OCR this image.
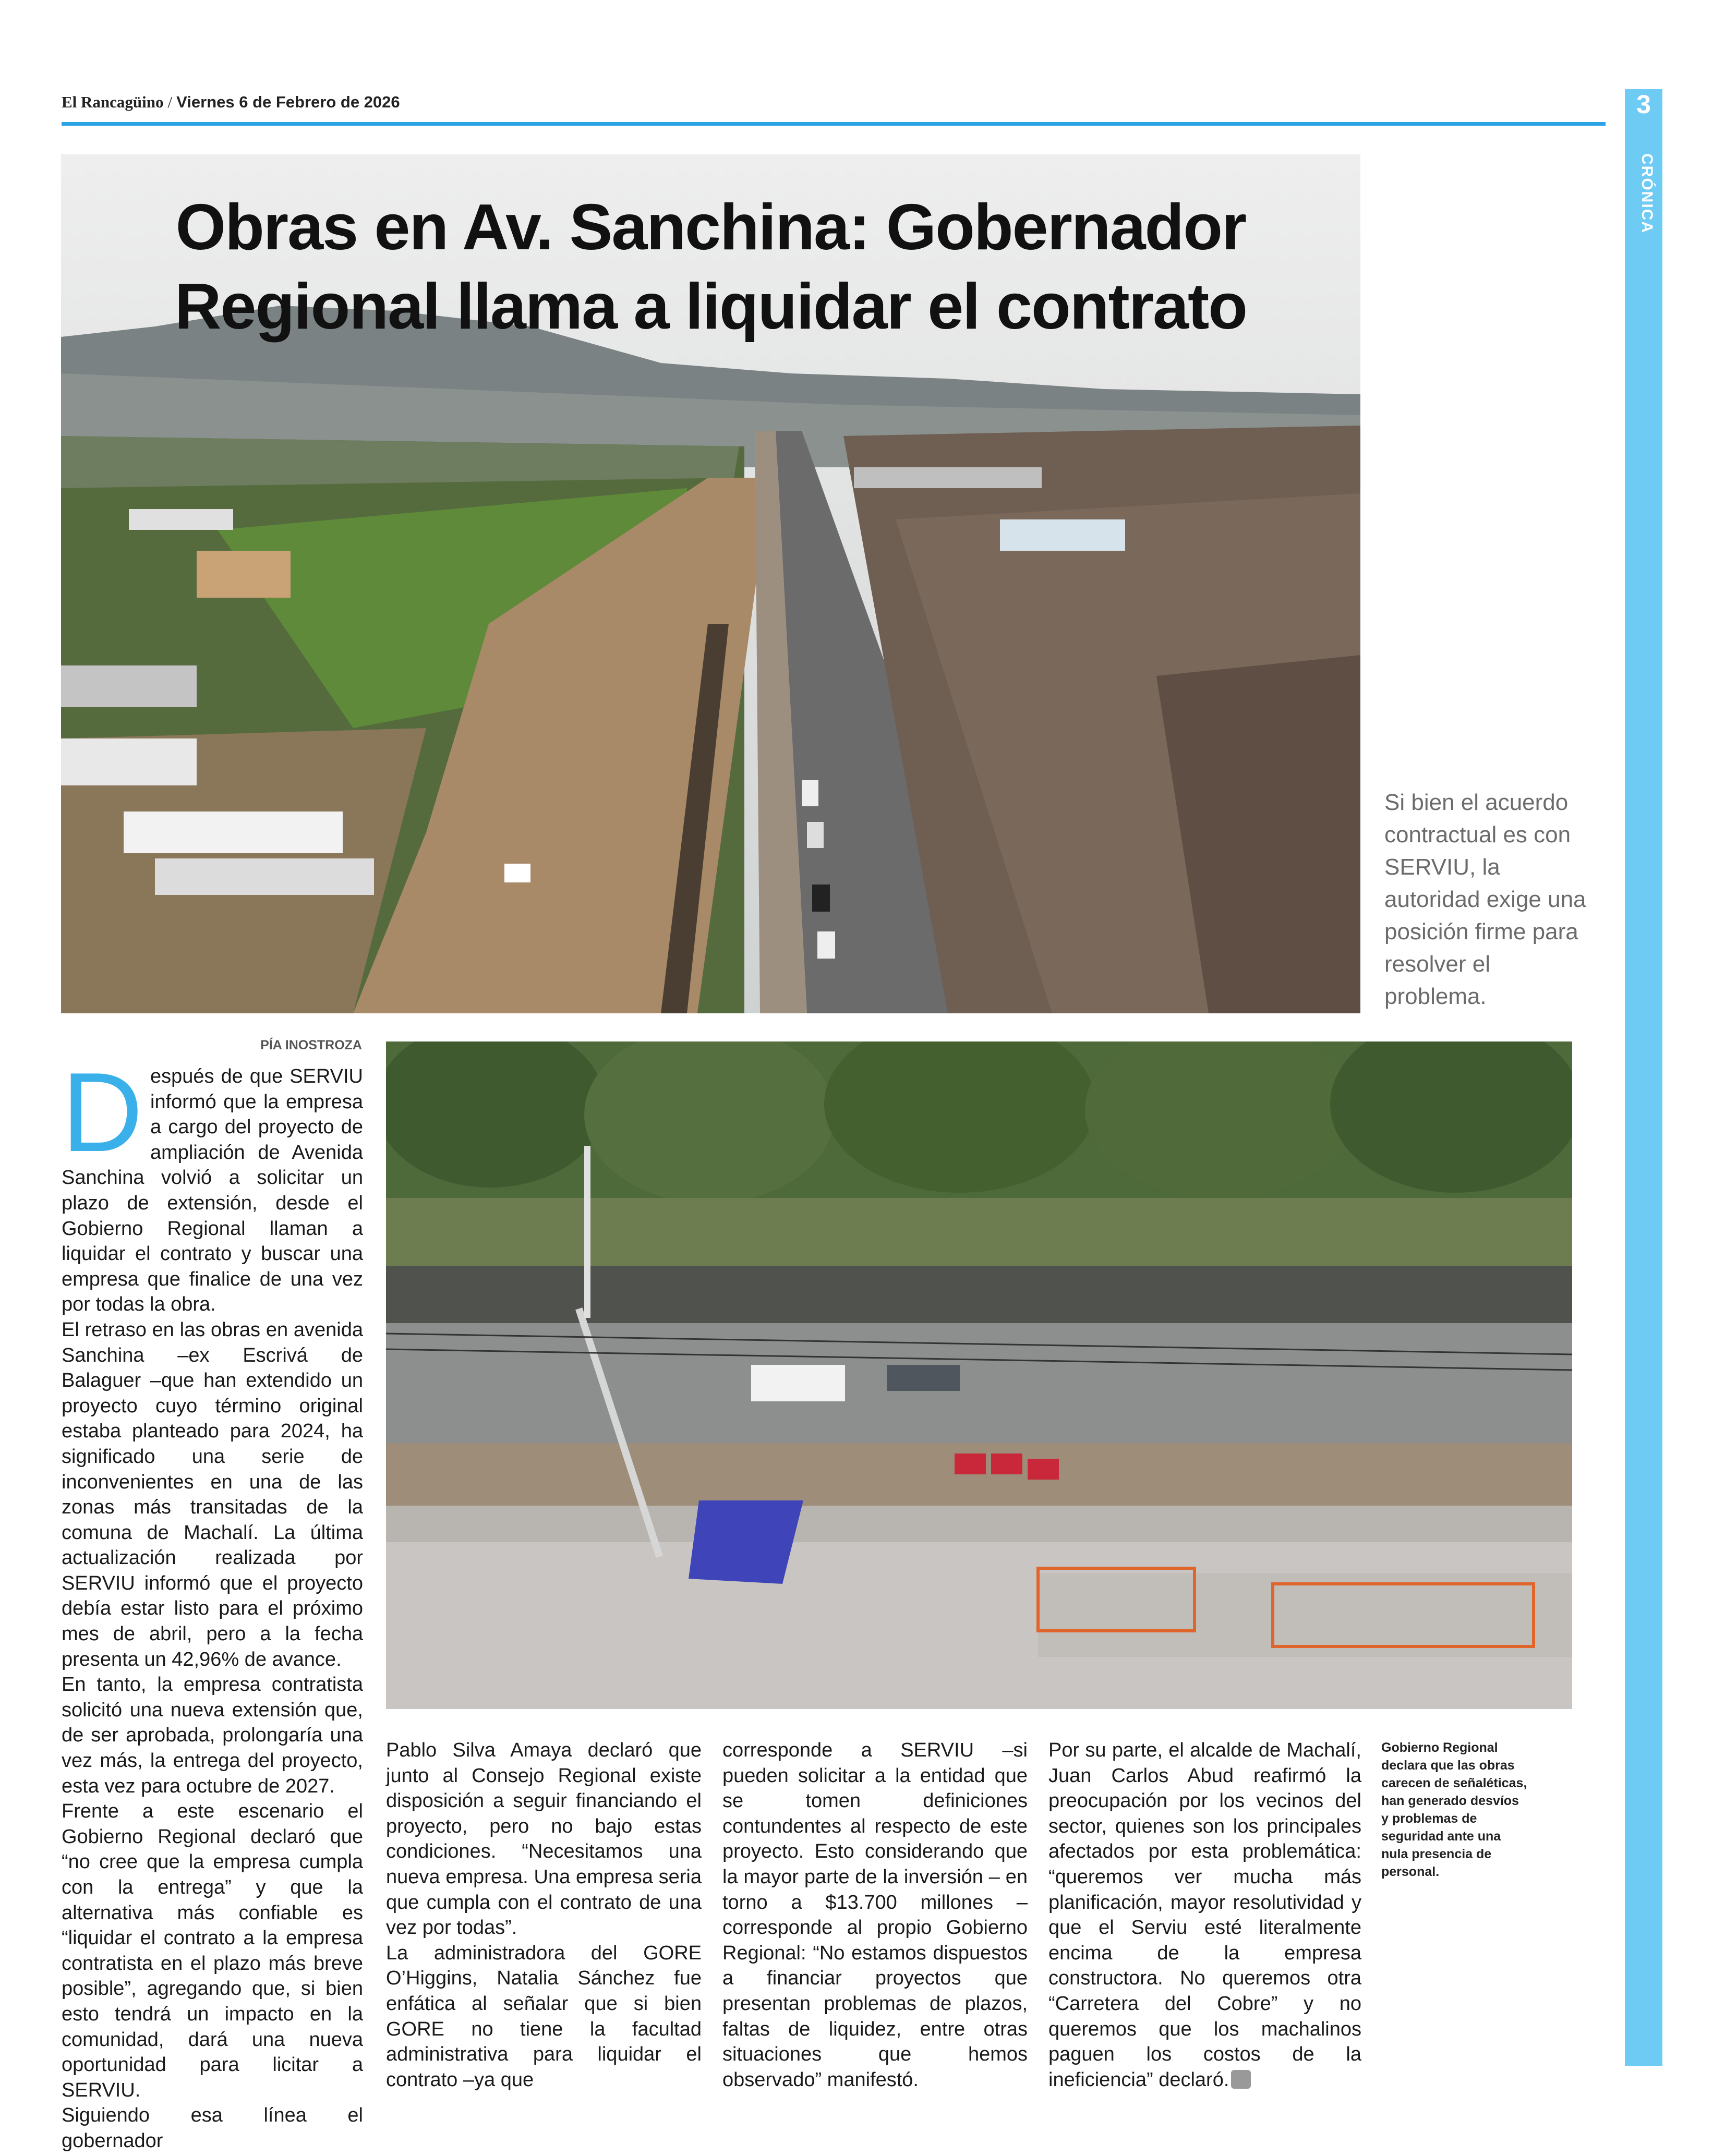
El Rancagüino / Viernes 6 de Febrero de 2026	3
CRÓNICA
Obras en Av. Sanchina: Gobernador
Regional llama a liquidar el contrato
Si bien el acuerdo contractual es con SERVIU, la autoridad exige una posición firme para resolver el problema.
PÍA INOSTROZA

Después de que SERVIU informó que la empresa a cargo del proyecto de ampliación de Avenida Sanchina volvió a solicitar un plazo de extensión, desde el Gobierno Regional llaman a liquidar el contrato y buscar una empresa que finalice de una vez por todas la obra.

El retraso en las obras en avenida Sanchina –ex Escrivá de Balaguer –que han extendido un proyecto cuyo término original estaba planteado para 2024, ha significado una serie de inconvenientes en una de las zonas más transitadas de la comuna de Machalí. La última actualización realizada por SERVIU informó que el proyecto debía estar listo para el próximo mes de abril, pero a la fecha presenta un 42,96% de avance.

En tanto, la empresa contratista solicitó una nueva extensión que, de ser aprobada, prolongaría una vez más, la entrega del proyecto, esta vez para octubre de 2027.

Frente a este escenario el Gobierno Regional declaró que “no cree que la empresa cumpla con la entrega” y que la alternativa más confiable es “liquidar el contrato a la empresa contratista en el plazo más breve posible”, agregando que, si bien esto tendrá un impacto en la comunidad, dará una nueva oportunidad para licitar a SERVIU.

Siguiendo esa línea el gobernador

Pablo Silva Amaya declaró que junto al Consejo Regional existe disposición a seguir financiando el proyecto, pero no bajo estas condiciones. “Necesitamos una nueva empresa. Una empresa seria que cumpla con el contrato de una vez por todas”.

La administradora del GORE O’Higgins, Natalia Sánchez fue enfática al señalar que si bien GORE no tiene la facultad administrativa para liquidar el contrato –ya que

corresponde a SERVIU –si pueden solicitar a la entidad que se tomen definiciones contundentes al respecto de este proyecto. Esto considerando que la mayor parte de la inversión – en torno a $13.700 millones –corresponde al propio Gobierno Regional: “No estamos dispuestos a financiar proyectos que presentan problemas de plazos, faltas de liquidez, entre otras situaciones que hemos observado” manifestó.

Por su parte, el alcalde de Machalí, Juan Carlos Abud reafirmó la preocupación por los vecinos del sector, quienes son los principales afectados por esta problemática: “queremos ver mucha más planificación, mayor resolutividad y que el Serviu esté literalmente encima de la empresa constructora. No queremos otra “Carretera del Cobre” y no queremos que los machalinos paguen los costos de la ineficiencia” declaró.

Gobierno Regional declara que las obras carecen de señaléticas, han generado desvíos y problemas de seguridad ante una nula presencia de personal.
